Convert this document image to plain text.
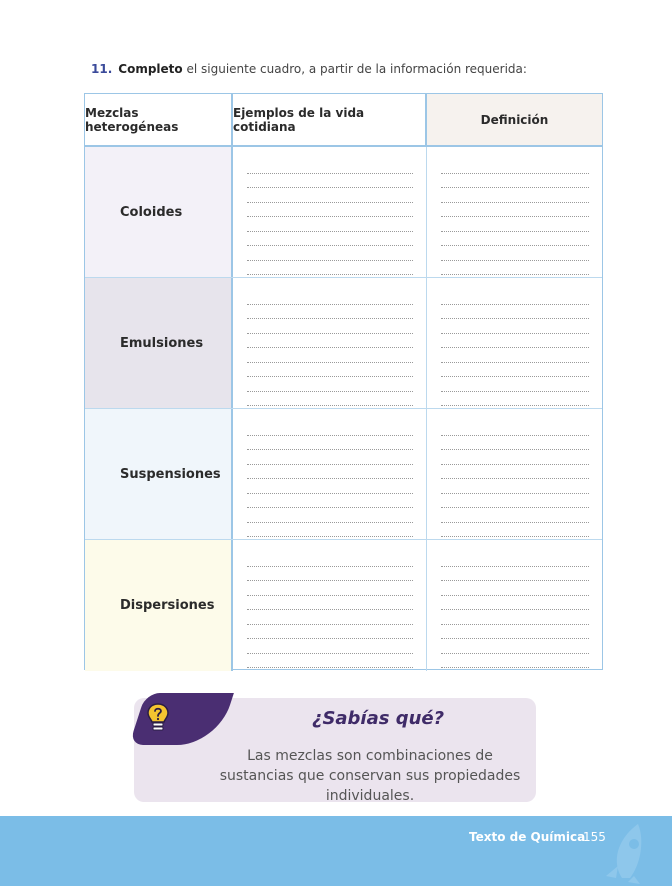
11. Completo el siguiente cuadro, a partir de la información requerida:
Mezclas heterogéneas
Ejemplos de la vida cotidiana	Definición
Coloides
Emulsiones
Suspensiones
Dispersiones
¿Sabías qué?
Las mezclas son combinaciones de sustancias que conservan sus propiedades individuales.
Texto de Química
155
